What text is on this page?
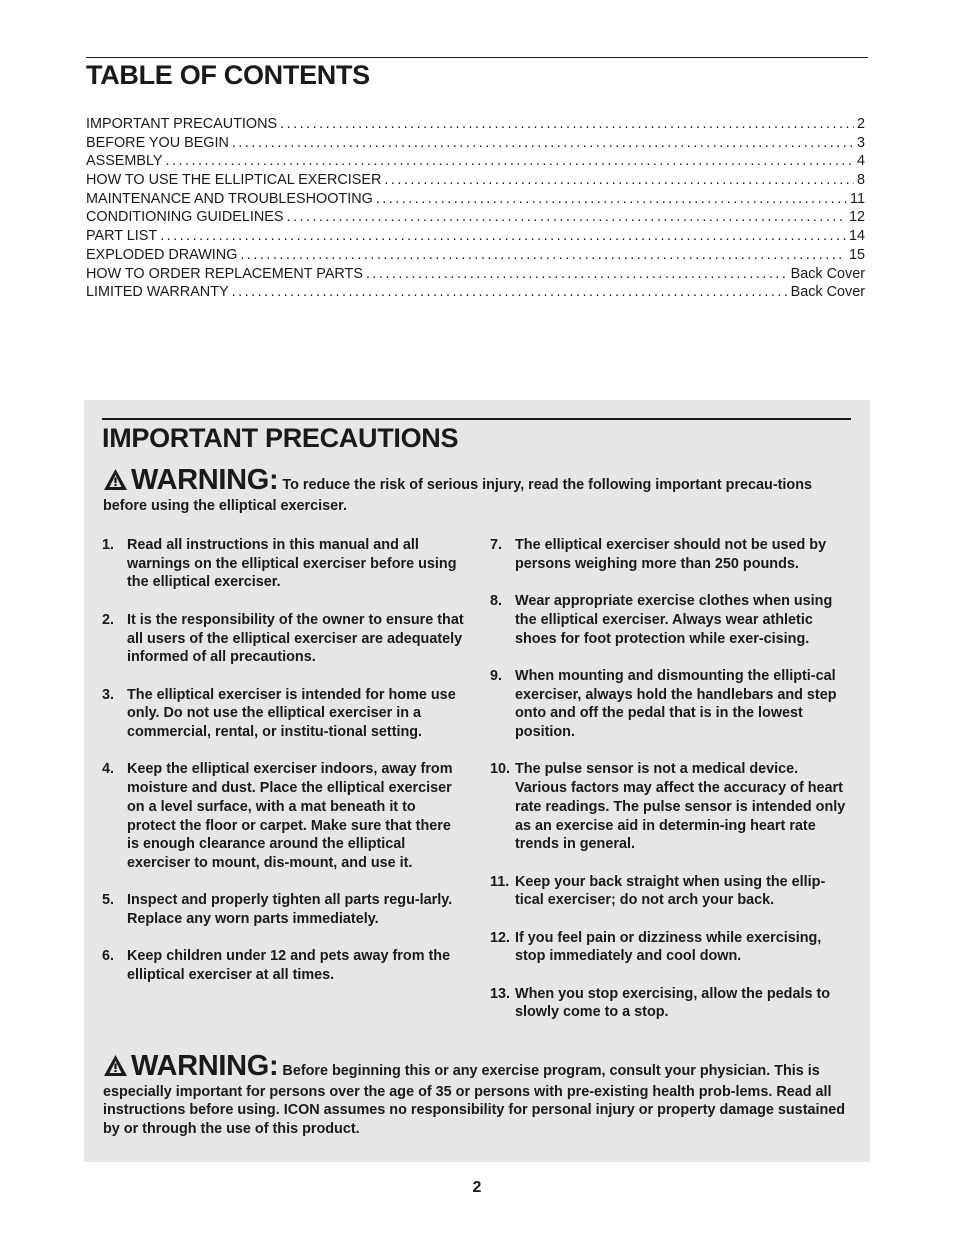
TABLE OF CONTENTS
IMPORTANT PRECAUTIONS .....	2
BEFORE YOU BEGIN .....	3
ASSEMBLY .....	4
HOW TO USE THE ELLIPTICAL EXERCISER .....	8
MAINTENANCE AND TROUBLESHOOTING .....	11
CONDITIONING GUIDELINES .....	12
PART LIST .....	14
EXPLODED DRAWING .....	15
HOW TO ORDER REPLACEMENT PARTS .....	Back Cover
LIMITED WARRANTY .....	Back Cover
IMPORTANT PRECAUTIONS

WARNING: To reduce the risk of serious injury, read the following important precau-tions before using the elliptical exerciser.

1. Read all instructions in this manual and all warnings on the elliptical exerciser before using the elliptical exerciser.
2. It is the responsibility of the owner to ensure that all users of the elliptical exerciser are adequately informed of all precautions.
3. The elliptical exerciser is intended for home use only. Do not use the elliptical exerciser in a commercial, rental, or institu-tional setting.
4. Keep the elliptical exerciser indoors, away from moisture and dust. Place the elliptical exerciser on a level surface, with a mat beneath it to protect the floor or carpet. Make sure that there is enough clearance around the elliptical exerciser to mount, dis-mount, and use it.
5. Inspect and properly tighten all parts regu-larly. Replace any worn parts immediately.
6. Keep children under 12 and pets away from the elliptical exerciser at all times.
7. The elliptical exerciser should not be used by persons weighing more than 250 pounds.
8. Wear appropriate exercise clothes when using the elliptical exerciser. Always wear athletic shoes for foot protection while exer-cising.
9. When mounting and dismounting the ellipti-cal exerciser, always hold the handlebars and step onto and off the pedal that is in the lowest position.
10. The pulse sensor is not a medical device. Various factors may affect the accuracy of heart rate readings. The pulse sensor is intended only as an exercise aid in determin-ing heart rate trends in general.
11. Keep your back straight when using the ellip-tical exerciser; do not arch your back.
12. If you feel pain or dizziness while exercising, stop immediately and cool down.
13. When you stop exercising, allow the pedals to slowly come to a stop.

WARNING: Before beginning this or any exercise program, consult your physician. This is especially important for persons over the age of 35 or persons with pre-existing health prob-lems. Read all instructions before using. ICON assumes no responsibility for personal injury or property damage sustained by or through the use of this product.

2
